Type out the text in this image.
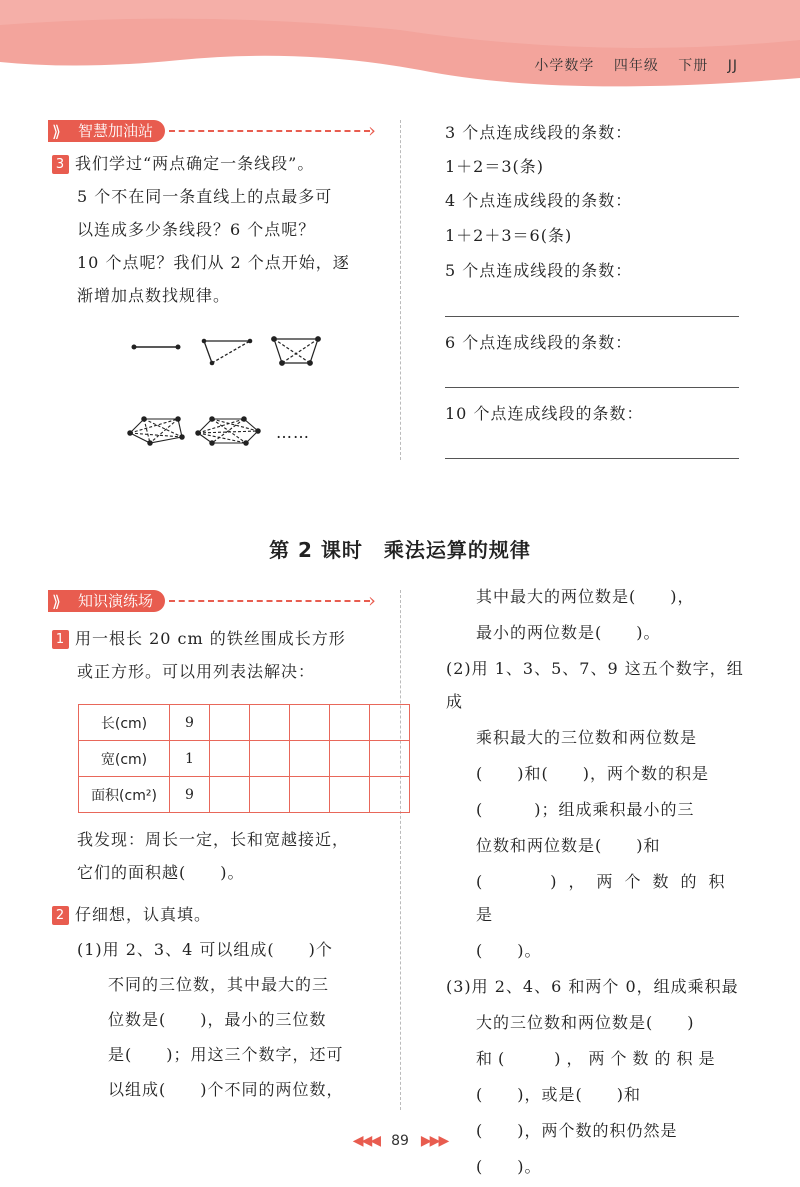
小学数学 四年级 下册 JJ
⟫ 智慧加油站
›
3 我们学过“两点确定一条线段”。
5 个不在同一条直线上的点最多可
以连成多少条线段？6 个点呢？
10 个点呢？我们从 2 个点开始，逐
渐增加点数找规律。
……
3 个点连成线段的条数：
1＋2＝3(条)
4 个点连成线段的条数：
1＋2＋3＝6(条)
5 个点连成线段的条数：
6 个点连成线段的条数：
10 个点连成线段的条数：
第 2 课时　乘法运算的规律
⟫ 知识演练场
›
1 用一根长 20 cm 的铁丝围成长方形
或正方形。可以用列表法解决：
长(cm)	9					
宽(cm)	1					
面积(cm²)	9					
我发现：周长一定，长和宽越接近，
它们的面积越(　　)。
2 仔细想，认真填。
(1)用 2、3、4 可以组成(　　)个
不同的三位数，其中最大的三
位数是(　　)，最小的三位数
是(　　)；用这三个数字，还可
以组成(　　)个不同的两位数，
其中最大的两位数是(　　)，
最小的两位数是(　　)。
(2)用 1、3、5、7、9 这五个数字，组成
乘积最大的三位数和两位数是
(　　)和(　　)，两个数的积是
(　　　)；组成乘积最小的三
位数和两位数是(　　)和
(　　)，两个数的积是
(　　)。
(3)用 2、4、6 和两个 0，组成乘积最
大的三位数和两位数是(　　)
和(　　)，两个数的积是
(　　)，或是(　　)和
(　　)，两个数的积仍然是
(　　)。
◀◀◀ 89 ▶▶▶
